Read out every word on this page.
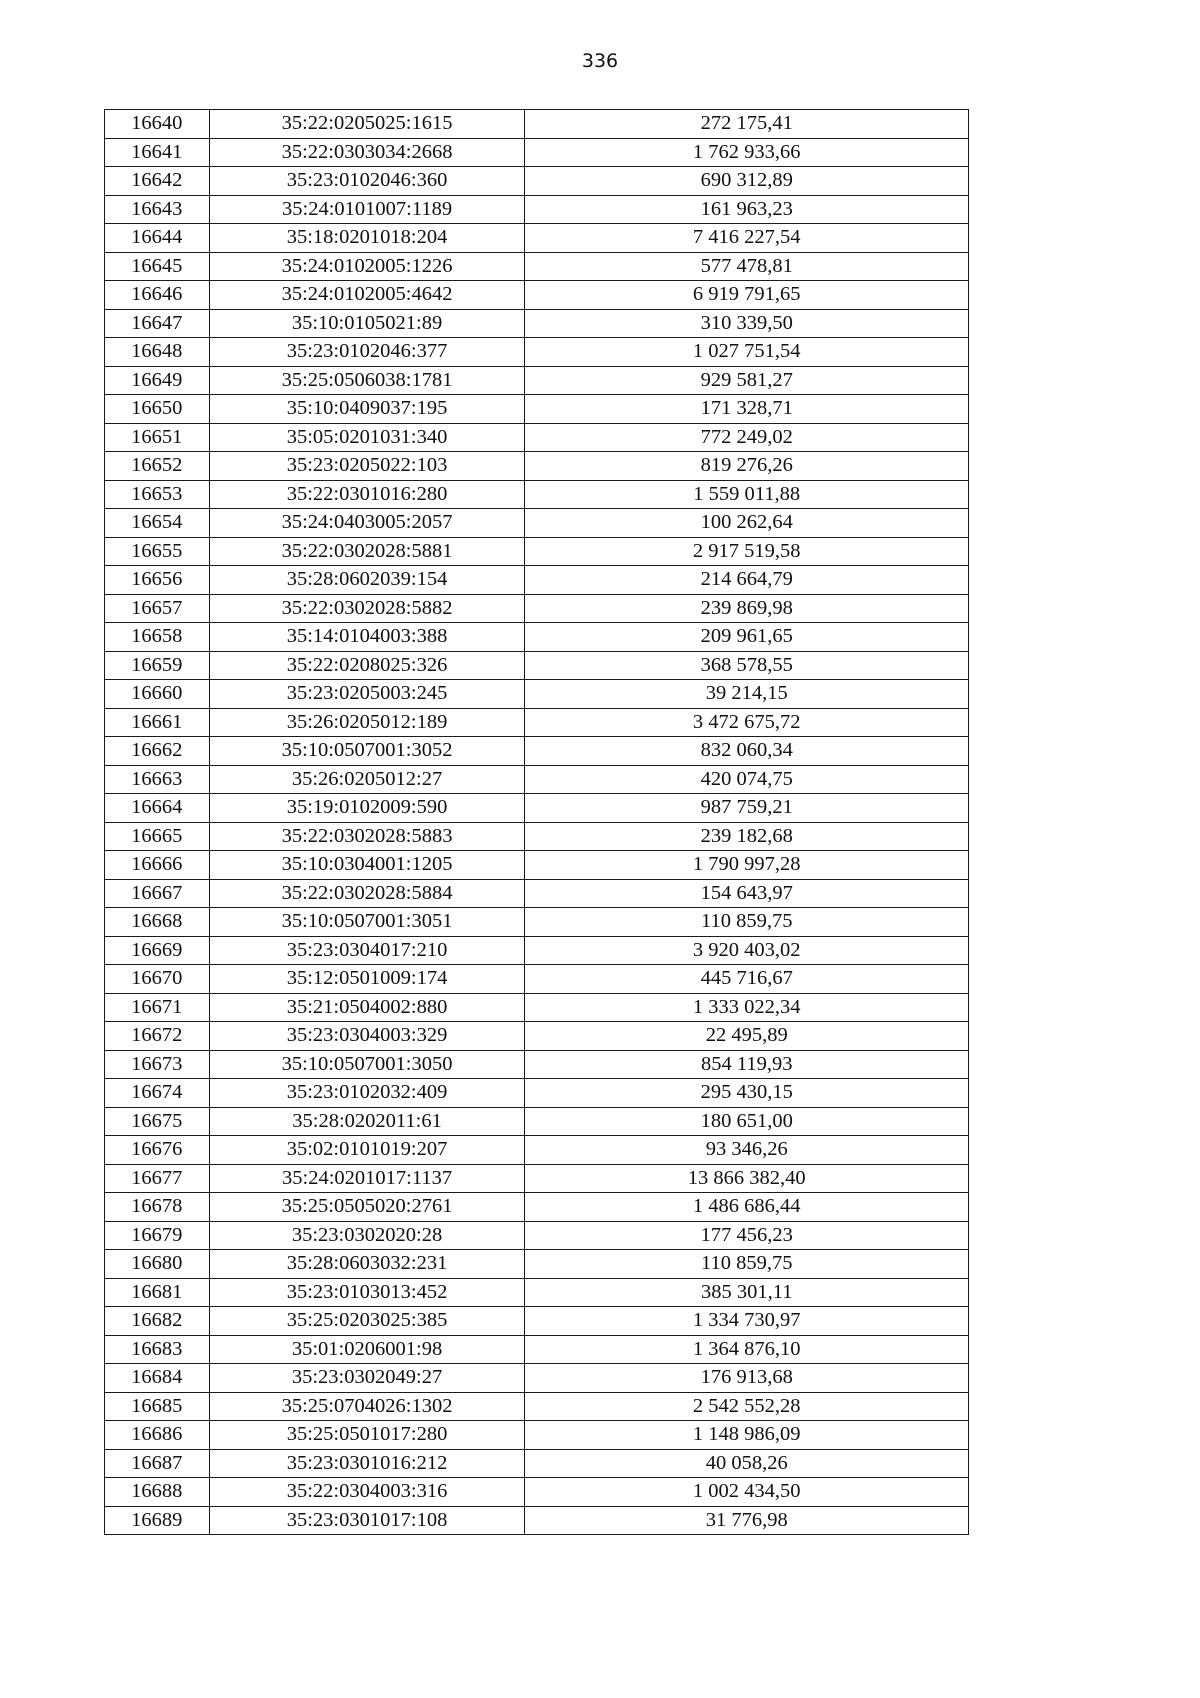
336
16640	35:22:0205025:1615	272 175,41
16641	35:22:0303034:2668	1 762 933,66
16642	35:23:0102046:360	690 312,89
16643	35:24:0101007:1189	161 963,23
16644	35:18:0201018:204	7 416 227,54
16645	35:24:0102005:1226	577 478,81
16646	35:24:0102005:4642	6 919 791,65
16647	35:10:0105021:89	310 339,50
16648	35:23:0102046:377	1 027 751,54
16649	35:25:0506038:1781	929 581,27
16650	35:10:0409037:195	171 328,71
16651	35:05:0201031:340	772 249,02
16652	35:23:0205022:103	819 276,26
16653	35:22:0301016:280	1 559 011,88
16654	35:24:0403005:2057	100 262,64
16655	35:22:0302028:5881	2 917 519,58
16656	35:28:0602039:154	214 664,79
16657	35:22:0302028:5882	239 869,98
16658	35:14:0104003:388	209 961,65
16659	35:22:0208025:326	368 578,55
16660	35:23:0205003:245	39 214,15
16661	35:26:0205012:189	3 472 675,72
16662	35:10:0507001:3052	832 060,34
16663	35:26:0205012:27	420 074,75
16664	35:19:0102009:590	987 759,21
16665	35:22:0302028:5883	239 182,68
16666	35:10:0304001:1205	1 790 997,28
16667	35:22:0302028:5884	154 643,97
16668	35:10:0507001:3051	110 859,75
16669	35:23:0304017:210	3 920 403,02
16670	35:12:0501009:174	445 716,67
16671	35:21:0504002:880	1 333 022,34
16672	35:23:0304003:329	22 495,89
16673	35:10:0507001:3050	854 119,93
16674	35:23:0102032:409	295 430,15
16675	35:28:0202011:61	180 651,00
16676	35:02:0101019:207	93 346,26
16677	35:24:0201017:1137	13 866 382,40
16678	35:25:0505020:2761	1 486 686,44
16679	35:23:0302020:28	177 456,23
16680	35:28:0603032:231	110 859,75
16681	35:23:0103013:452	385 301,11
16682	35:25:0203025:385	1 334 730,97
16683	35:01:0206001:98	1 364 876,10
16684	35:23:0302049:27	176 913,68
16685	35:25:0704026:1302	2 542 552,28
16686	35:25:0501017:280	1 148 986,09
16687	35:23:0301016:212	40 058,26
16688	35:22:0304003:316	1 002 434,50
16689	35:23:0301017:108	31 776,98
